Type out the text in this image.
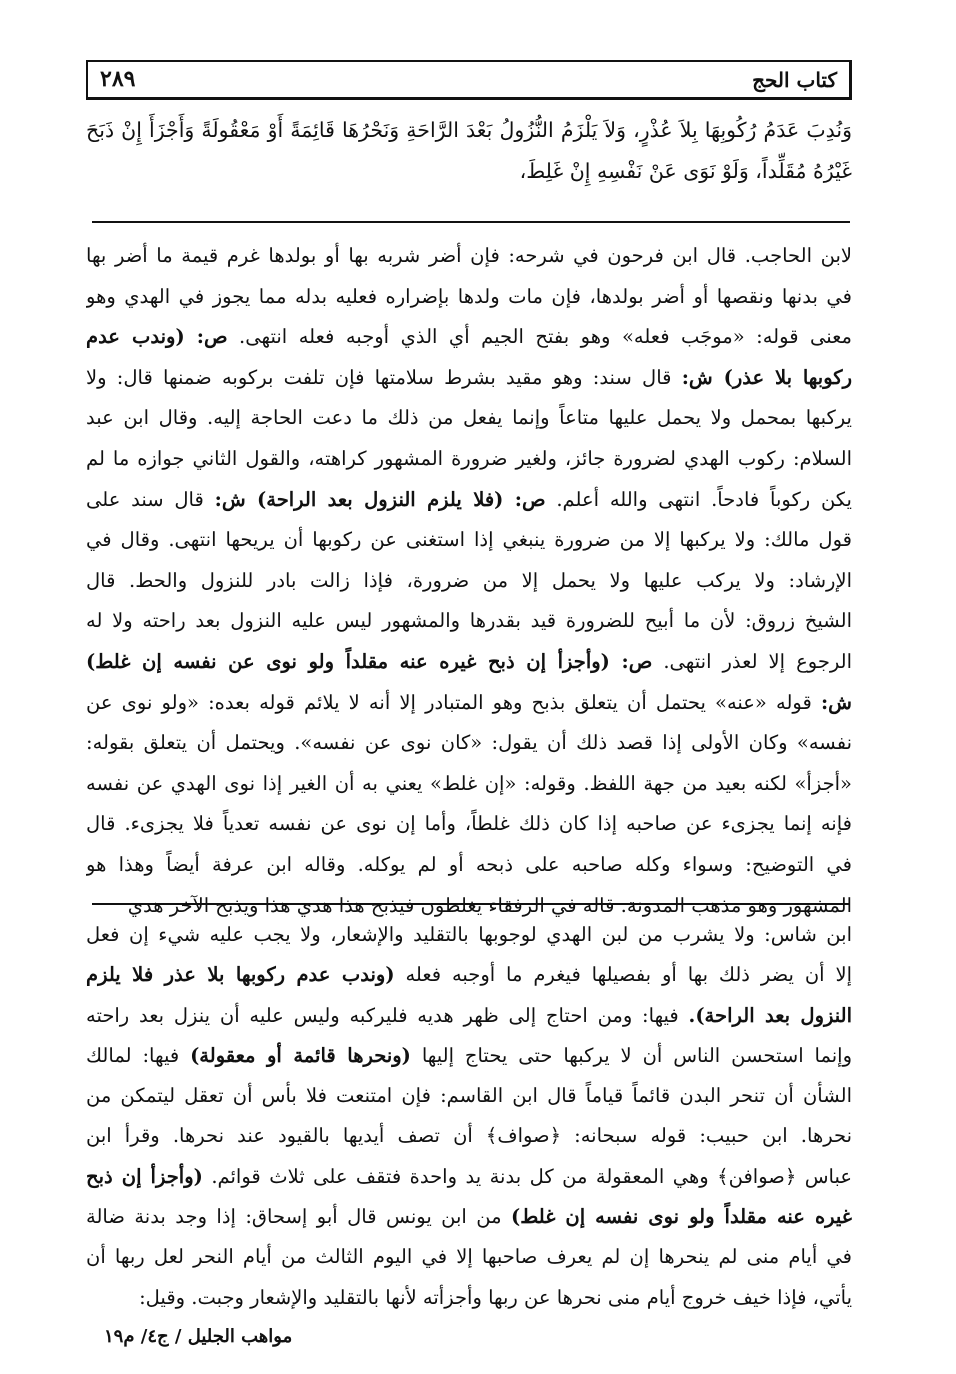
كتاب الحج
٢٨٩
وَنُدِبَ عَدَمُ رُكُوبِهَا بِلاَ عُذْرٍ، وَلاَ يَلْزَمُ النُّزُولُ بَعْدَ الرَّاحَةِ وَنَحْرُهَا قَائِمَةً أَوْ مَعْقُولَةً وَأَجْزَأَ إِنْ ذَبَحَ
غَيْرُهُ مُقَلِّداً، وَلَوْ نَوَى عَنْ نَفْسِهِ إِنْ غَلِطَ،
لابن الحاجب. قال ابن فرحون في شرحه: فإن أضر شربه بها أو بولدها غرم قيمة ما أضر بها
في بدنها ونقصها أو أضر بولدها، فإن مات ولدها بإضراره فعليه بدله مما يجوز في الهدي وهو
معنى قوله: «موجَب فعله» وهو بفتح الجيم أي الذي أوجبه فعله انتهى. ص: (وندب عدم
ركوبها بلا عذر) ش: قال سند: وهو مقيد بشرط سلامتها فإن تلفت بركوبه ضمنها قال: ولا
يركبها بمحمل ولا يحمل عليها متاعاً وإنما يفعل من ذلك ما دعت الحاجة إليه. وقال ابن عبد
السلام: ركوب الهدي لضرورة جائز، ولغير ضرورة المشهور كراهته، والقول الثاني جوازه ما لم
يكن ركوباً فادحاً. انتهى والله أعلم. ص: (فلا يلزم النزول بعد الراحة) ش: قال سند على
قول مالك: ولا يركبها إلا من ضرورة ينبغي إذا استغنى عن ركوبها أن يريحها انتهى. وقال في
الإرشاد: ولا يركب عليها ولا يحمل إلا من ضرورة، فإذا زالت بادر للنزول والحط. قال
الشيخ زروق: لأن ما أبيح للضرورة قيد بقدرها والمشهور ليس عليه النزول بعد راحته ولا له
الرجوع إلا لعذر انتهى. ص: (وأجزأ إن ذبح غيره عنه مقلداً ولو نوى عن نفسه إن غلط)
ش: قوله «عنه» يحتمل أن يتعلق بذبح وهو المتبادر إلا أنه لا يلائم قوله بعده: «ولو نوى عن
نفسه» وكان الأولى إذا قصد ذلك أن يقول: «كان نوى عن نفسه». ويحتمل أن يتعلق بقوله:
«أجزأ» لكنه بعيد من جهة اللفظ. وقوله: «إن غلط» يعني به أن الغير إذا نوى الهدي عن نفسه
فإنه إنما يجزىء عن صاحبه إذا كان ذلك غلطاً، وأما إن نوى عن نفسه تعدياً فلا يجزىء. قال
في التوضيح: وسواء وكله صاحبه على ذبحه أو لم يوكله. وقاله ابن عرفة أيضاً وهذا هو
المشهور وهو مذهب المدونة. قاله في الرفقاء يغلطون فيذبح هذا هدي هذا ويذبح الآخر هدي
ابن شاس: ولا يشرب من لبن الهدي لوجوبها بالتقليد والإشعار، ولا يجب عليه شيء إن فعل
إلا أن يضر ذلك بها أو بفصيلها فيغرم ما أوجبه فعله (وندب عدم ركوبها بلا عذر فلا يلزم
النزول بعد الراحة). فيها: ومن احتاج إلى ظهر هديه فليركبه وليس عليه أن ينزل بعد راحته
وإنما استحسن الناس أن لا يركبها حتى يحتاج إليها (ونحرها قائمة أو معقولة) فيها: لمالك
الشأن أن تنحر البدن قائماً قياماً قال ابن القاسم: فإن امتنعت فلا بأس أن تعقل ليتمكن من
نحرها. ابن حبيب: قوله سبحانه: ﴿صواف﴾ أن تصف أيديها بالقيود عند نحرها. وقرأ ابن
عباس ﴿صوافن﴾ وهي المعقولة من كل بدنة يد واحدة فتقف على ثلاث قوائم. (وأجزأ إن ذبح
غيره عنه مقلداً ولو نوى نفسه إن غلط) من ابن يونس قال أبو إسحاق: إذا وجد بدنة ضالة
في أيام منى لم ينحرها إن لم يعرف صاحبها إلا في اليوم الثالث من أيام النحر لعل ربها أن
يأتي، فإذا خيف خروج أيام منى نحرها عن ربها وأجزأته لأنها بالتقليد والإشعار وجبت. وقيل:
مواهب الجليل / ج٤/ م١٩
